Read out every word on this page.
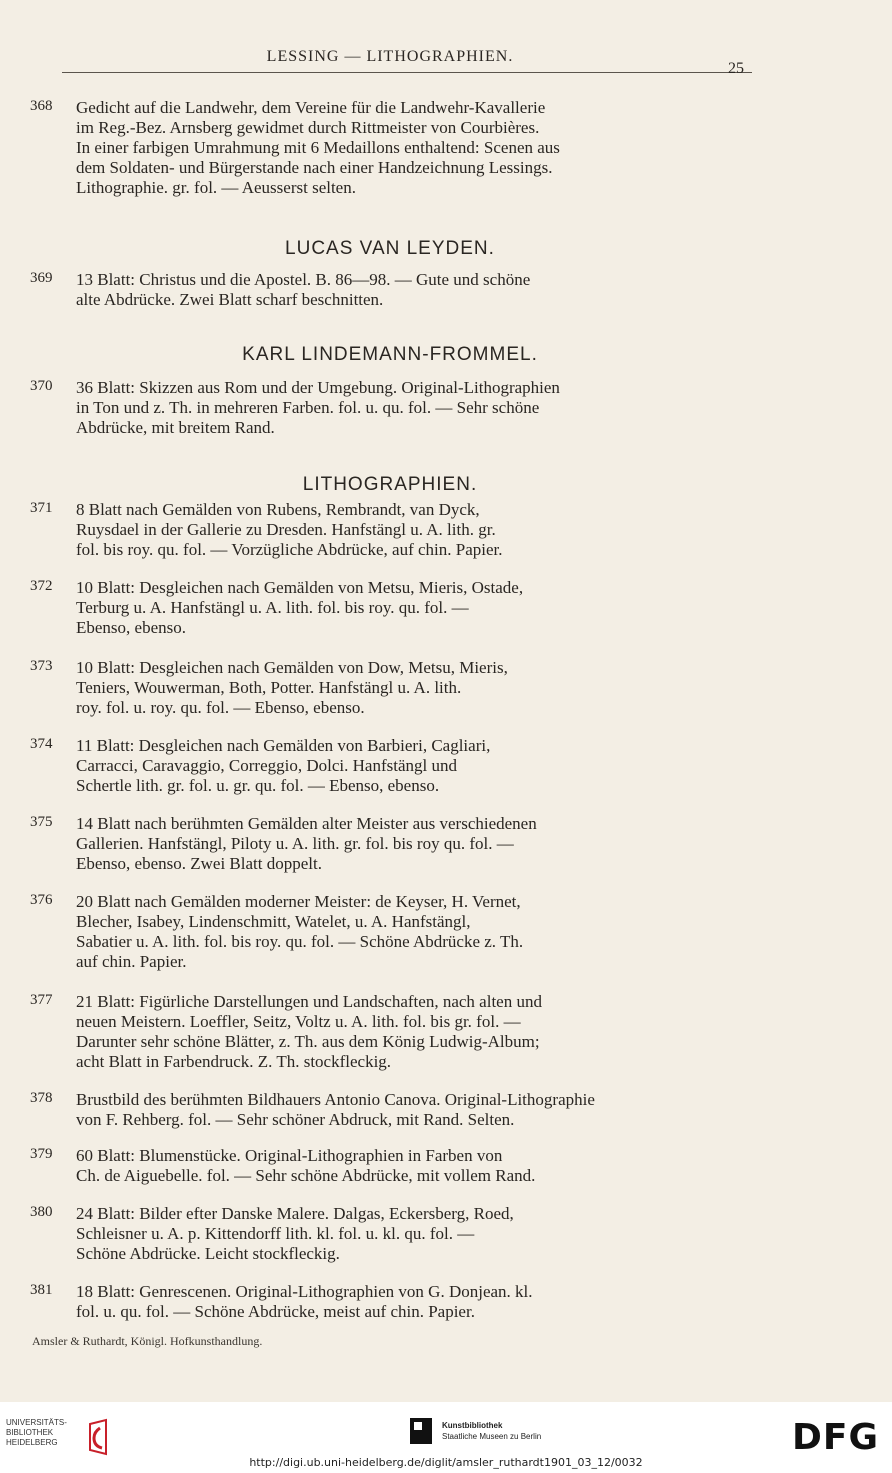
LESSING — LITHOGRAPHIEN.
25
368	Gedicht auf die Landwehr, dem Vereine für die Landwehr-Kavallerie
im Reg.-Bez. Arnsberg gewidmet durch Rittmeister von Courbières.
In einer farbigen Umrahmung mit 6 Medaillons enthaltend: Scenen aus
dem Soldaten- und Bürgerstande nach einer Handzeichnung Lessings.
Lithographie. gr. fol. — Aeusserst selten.
LUCAS VAN LEYDEN.
369	13 Blatt: Christus und die Apostel. B. 86—98. — Gute und schöne
alte Abdrücke. Zwei Blatt scharf beschnitten.
KARL LINDEMANN-FROMMEL.
370	36 Blatt: Skizzen aus Rom und der Umgebung. Original-Lithographien
in Ton und z. Th. in mehreren Farben. fol. u. qu. fol. — Sehr schöne
Abdrücke, mit breitem Rand.
LITHOGRAPHIEN.
371	8 Blatt nach Gemälden von Rubens, Rembrandt, van Dyck,
Ruysdael in der Gallerie zu Dresden. Hanfstängl u. A. lith. gr.
fol. bis roy. qu. fol. — Vorzügliche Abdrücke, auf chin. Papier.
372	10 Blatt: Desgleichen nach Gemälden von Metsu, Mieris, Ostade,
Terburg u. A. Hanfstängl u. A. lith. fol. bis roy. qu. fol. —
Ebenso, ebenso.
373	10 Blatt: Desgleichen nach Gemälden von Dow, Metsu, Mieris,
Teniers, Wouwerman, Both, Potter. Hanfstängl u. A. lith.
roy. fol. u. roy. qu. fol. — Ebenso, ebenso.
374	11 Blatt: Desgleichen nach Gemälden von Barbieri, Cagliari,
Carracci, Caravaggio, Correggio, Dolci. Hanfstängl und
Schertle lith. gr. fol. u. gr. qu. fol. — Ebenso, ebenso.
375	14 Blatt nach berühmten Gemälden alter Meister aus verschiedenen
Gallerien. Hanfstängl, Piloty u. A. lith. gr. fol. bis roy qu. fol. —
Ebenso, ebenso. Zwei Blatt doppelt.
376	20 Blatt nach Gemälden moderner Meister: de Keyser, H. Vernet,
Blecher, Isabey, Lindenschmitt, Watelet, u. A. Hanfstängl,
Sabatier u. A. lith. fol. bis roy. qu. fol. — Schöne Abdrücke z. Th.
auf chin. Papier.
377	21 Blatt: Figürliche Darstellungen und Landschaften, nach alten und
neuen Meistern. Loeffler, Seitz, Voltz u. A. lith. fol. bis gr. fol. —
Darunter sehr schöne Blätter, z. Th. aus dem König Ludwig-Album;
acht Blatt in Farbendruck. Z. Th. stockfleckig.
378	Brustbild des berühmten Bildhauers Antonio Canova. Original-Lithographie
von F. Rehberg. fol. — Sehr schöner Abdruck, mit Rand. Selten.
379	60 Blatt: Blumenstücke. Original-Lithographien in Farben von
Ch. de Aiguebelle. fol. — Sehr schöne Abdrücke, mit vollem Rand.
380	24 Blatt: Bilder efter Danske Malere. Dalgas, Eckersberg, Roed,
Schleisner u. A. p. Kittendorff lith. kl. fol. u. kl. qu. fol. —
Schöne Abdrücke. Leicht stockfleckig.
381	18 Blatt: Genrescenen. Original-Lithographien von G. Donjean. kl.
fol. u. qu. fol. — Schöne Abdrücke, meist auf chin. Papier.
Amsler & Ruthardt, Königl. Hofkunsthandlung.
UNIVERSITÄTS-
BIBLIOTHEK
HEIDELBERG
Kunstbibliothek
Staatliche Museen zu Berlin	DFG
http://digi.ub.uni-heidelberg.de/diglit/amsler_ruthardt1901_03_12/0032
